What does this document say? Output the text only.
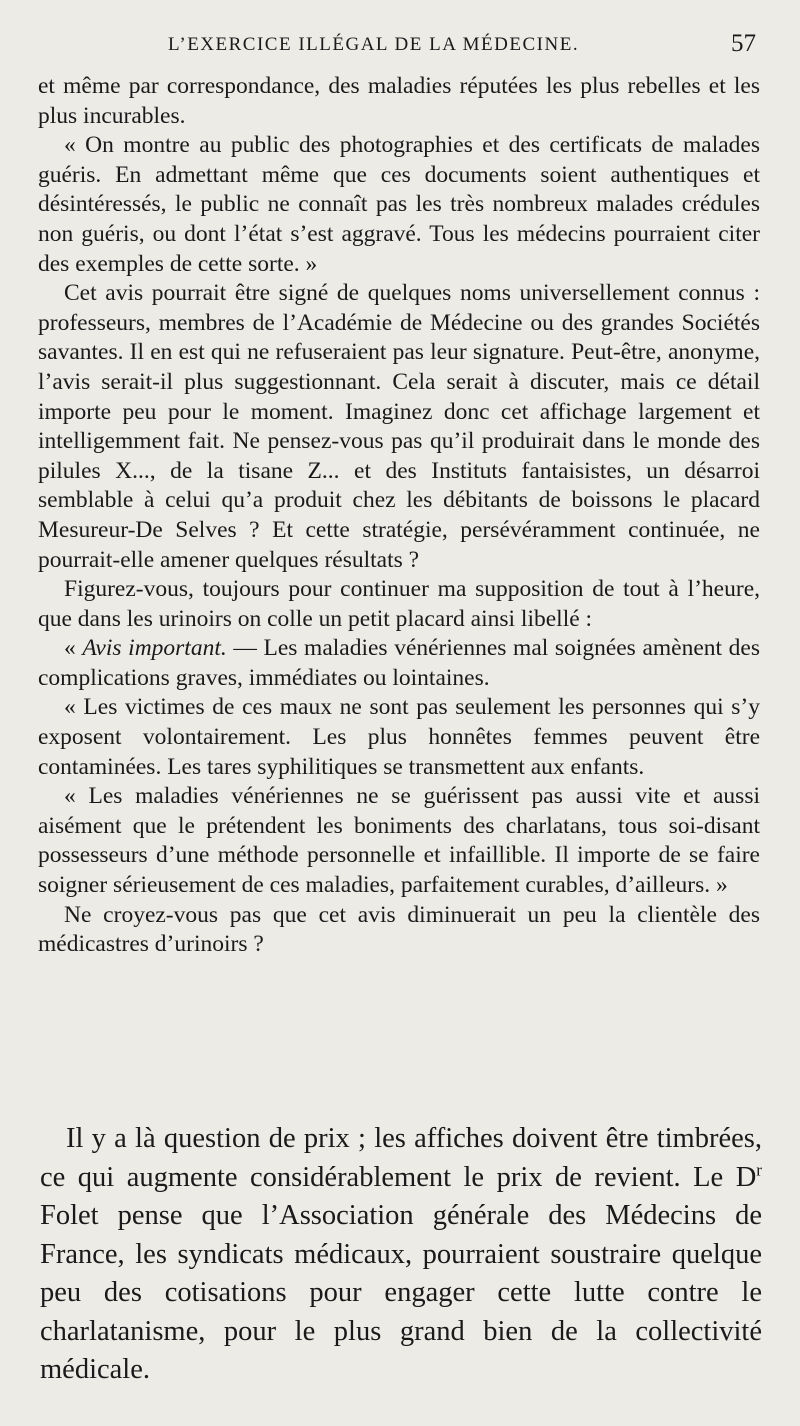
L’EXERCICE ILLÉGAL DE LA MÉDECINE.	57

et même par correspondance, des maladies réputées les plus rebelles et les plus incurables.

« On montre au public des photographies et des certificats de malades guéris. En admettant même que ces documents soient authentiques et désintéressés, le public ne connaît pas les très nombreux malades crédules non guéris, ou dont l’état s’est aggravé. Tous les médecins pourraient citer des exemples de cette sorte. »

Cet avis pourrait être signé de quelques noms universellement connus : professeurs, membres de l’Académie de Médecine ou des grandes Sociétés savantes. Il en est qui ne refuseraient pas leur signature. Peut-être, anonyme, l’avis serait-il plus suggestionnant. Cela serait à discuter, mais ce détail importe peu pour le moment. Imaginez donc cet affichage largement et intelligemment fait. Ne pensez-vous pas qu’il produirait dans le monde des pilules X..., de la tisane Z... et des Instituts fantaisistes, un désarroi semblable à celui qu’a produit chez les débitants de boissons le placard Mesureur-De Selves ? Et cette stratégie, persévéramment continuée, ne pourrait-elle amener quelques résultats ?

Figurez-vous, toujours pour continuer ma supposition de tout à l’heure, que dans les urinoirs on colle un petit placard ainsi libellé :

« Avis important. — Les maladies vénériennes mal soignées amènent des complications graves, immédiates ou lointaines.

« Les victimes de ces maux ne sont pas seulement les personnes qui s’y exposent volontairement. Les plus honnêtes femmes peuvent être contaminées. Les tares syphilitiques se transmettent aux enfants.

« Les maladies vénériennes ne se guérissent pas aussi vite et aussi aisément que le prétendent les boniments des charlatans, tous soi-disant possesseurs d’une méthode personnelle et infaillible. Il importe de se faire soigner sérieusement de ces maladies, parfaitement curables, d’ailleurs. »

Ne croyez-vous pas que cet avis diminuerait un peu la clientèle des médicastres d’urinoirs ?

Il y a là question de prix ; les affiches doivent être timbrées, ce qui augmente considérablement le prix de revient. Le $D^r$ Folet pense que l’Association générale des Médecins de France, les syndicats médicaux, pourraient soustraire quelque peu des cotisations pour engager cette lutte contre le charlatanisme, pour le plus grand bien de la collectivité médicale.
